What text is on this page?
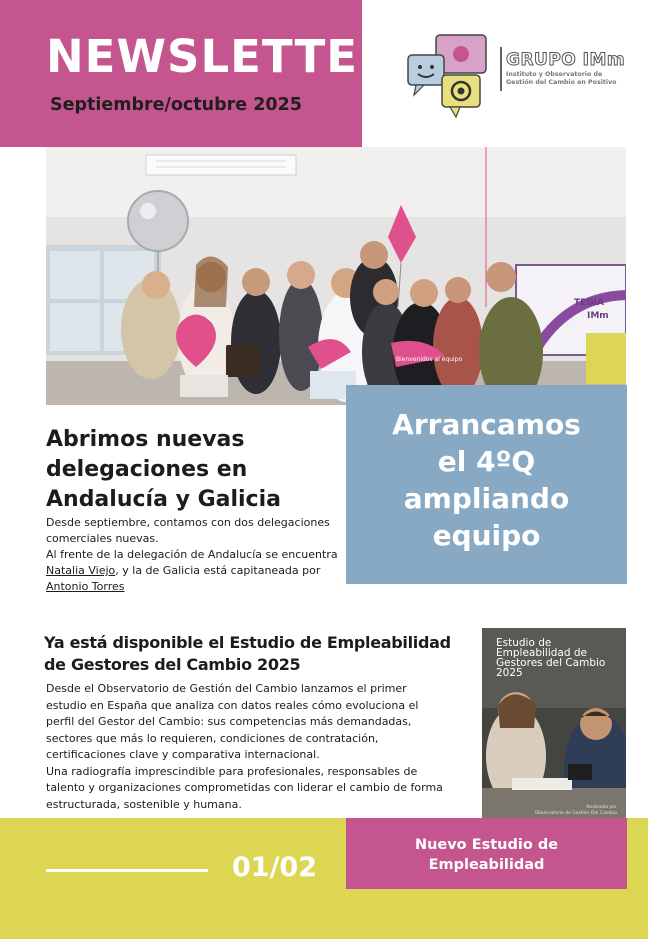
NEWSLETTER
Septiembre/octubre 2025
GRUPO IMm
Instituto y Observatorio de Gestión del Cambio en Positivo
TEGIA
IMm
Bienvenidos al equipo
Arrancamos
el 4ºQ
ampliando
equipo
Abrimos nuevas
delegaciones en
Andalucía y Galicia

Desde septiembre, contamos con dos delegaciones comerciales nuevas.

Al frente de la delegación de Andalucía se encuentra Natalia Viejo, y la de Galicia está capitaneada por Antonio Torres

Ya está disponible el Estudio de Empleabilidad
de Gestores del Cambio 2025

Desde el Observatorio de Gestión del Cambio lanzamos el primer estudio en España que analiza con datos reales cómo evoluciona el perfil del Gestor del Cambio: sus competencias más demandadas, sectores que más lo requieren, condiciones de contratación, certificaciones clave y comparativa internacional.

Una radiografía imprescindible para profesionales, responsables de talento y organizaciones comprometidas con liderar el cambio de forma estructurada, sostenible y humana.

Estudio de
Empleabilidad de
Gestores del Cambio
2025
Realizado por
Observatorio de Gestión Del Cambio
01/02
Nuevo Estudio de
Empleabilidad
